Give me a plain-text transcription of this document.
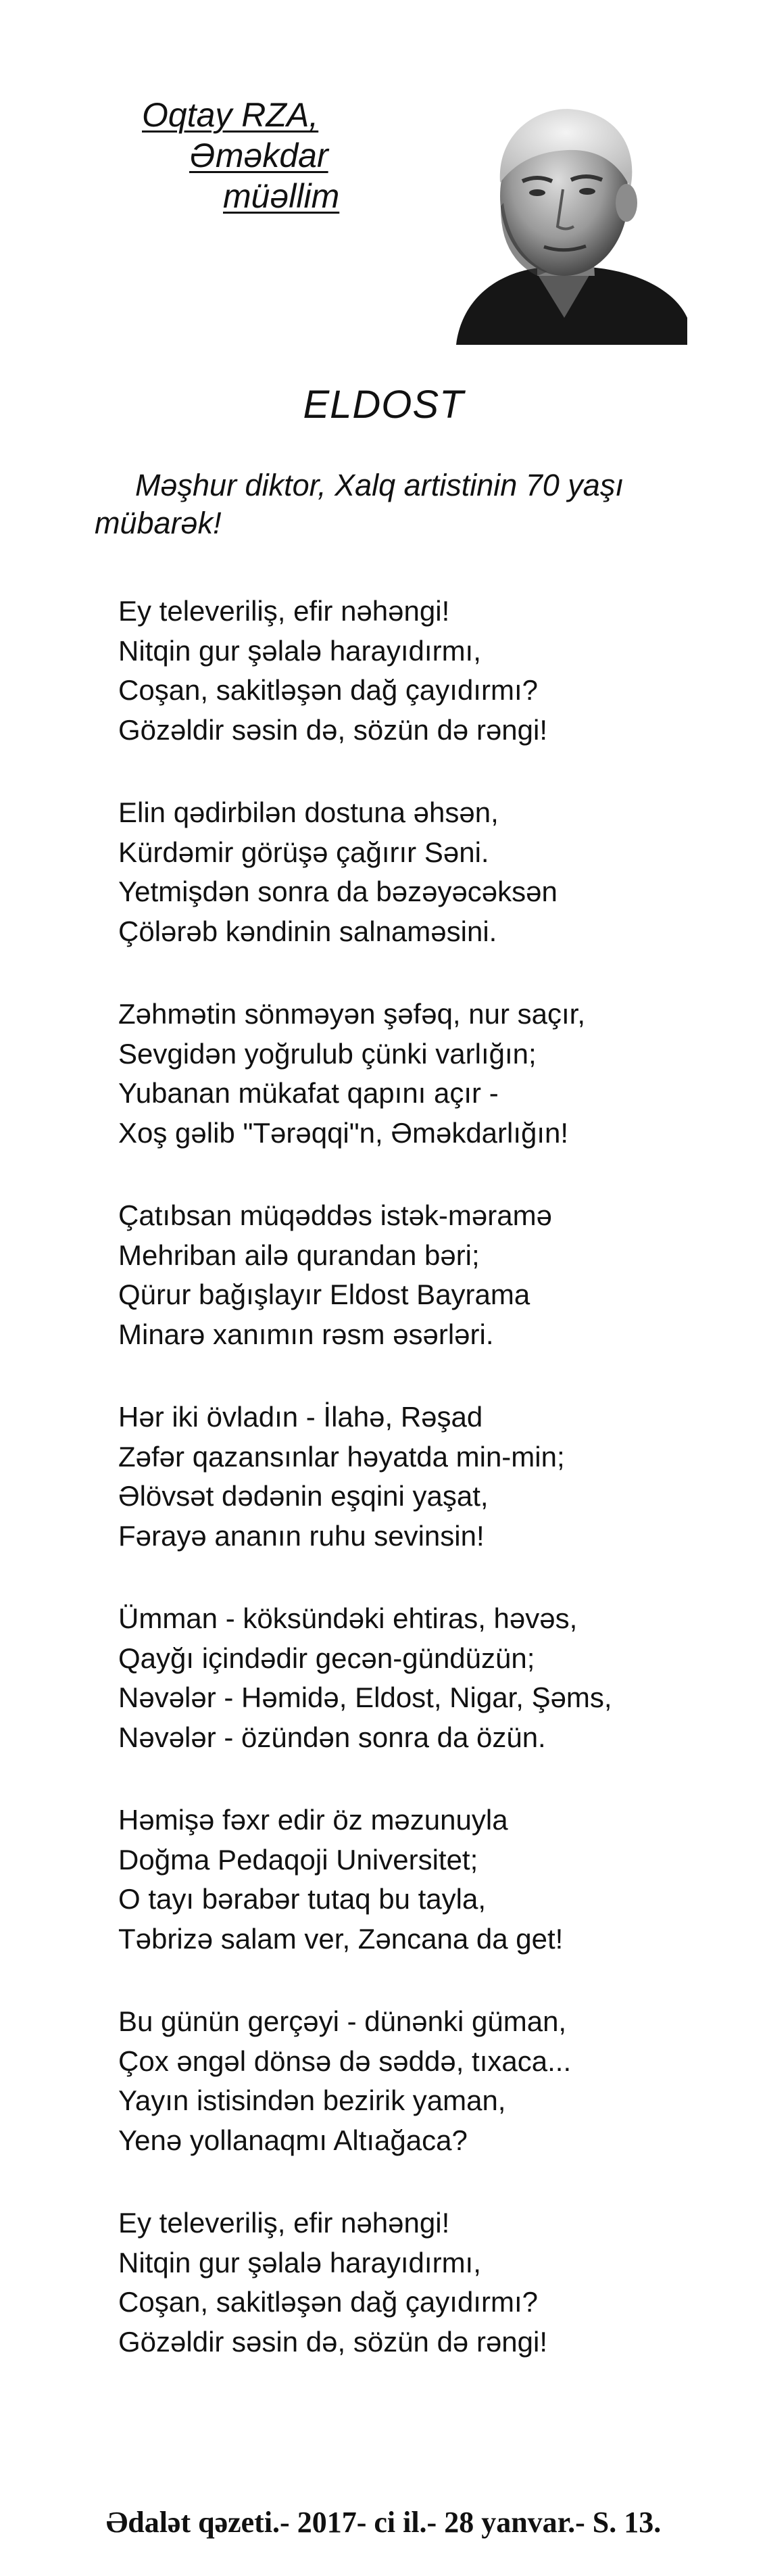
Oqtay RZA,
Əməkdar
müəllim
ELDOST
Məşhur diktor, Xalq artistinin 70 yaşı mübarək!
Ey televeriliş, efir nəhəngi!
Nitqin gur şəlalə harayıdırmı,
Coşan, sakitləşən dağ çayıdırmı?
Gözəldir səsin də, sözün də rəngi!
Elin qədirbilən dostuna əhsən,
Kürdəmir görüşə çağırır Səni.
Yetmişdən sonra da bəzəyəcəksən
Çölərəb kəndinin salnaməsini.
Zəhmətin sönməyən şəfəq, nur saçır,
Sevgidən yoğrulub çünki varlığın;
Yubanan mükafat qapını açır -
Xoş gəlib "Tərəqqi"n, Əməkdarlığın!
Çatıbsan müqəddəs istək-məramə
Mehriban ailə qurandan bəri;
Qürur bağışlayır Eldost Bayrama
Minarə xanımın rəsm əsərləri.
Hər iki övladın - İlahə, Rəşad
Zəfər qazansınlar həyatda min-min;
Əlövsət dədənin eşqini yaşat,
Fərayə ananın ruhu sevinsin!
Ümman - köksündəki ehtiras, həvəs,
Qayğı içindədir gecən-gündüzün;
Nəvələr - Həmidə, Eldost, Nigar, Şəms,
Nəvələr - özündən sonra da özün.
Həmişə fəxr edir öz məzunuyla
Doğma Pedaqoji Universitet;
O tayı bərabər tutaq bu tayla,
Təbrizə salam ver, Zəncana da get!
Bu günün gerçəyi - dünənki güman,
Çox əngəl dönsə də səddə, tıxaca...
Yayın istisindən bezirik yaman,
Yenə yollanaqmı Altıağaca?
Ey televeriliş, efir nəhəngi!
Nitqin gur şəlalə harayıdırmı,
Coşan, sakitləşən dağ çayıdırmı?
Gözəldir səsin də, sözün də rəngi!
Ədalət qəzeti.- 2017- ci il.- 28 yanvar.- S. 13.
